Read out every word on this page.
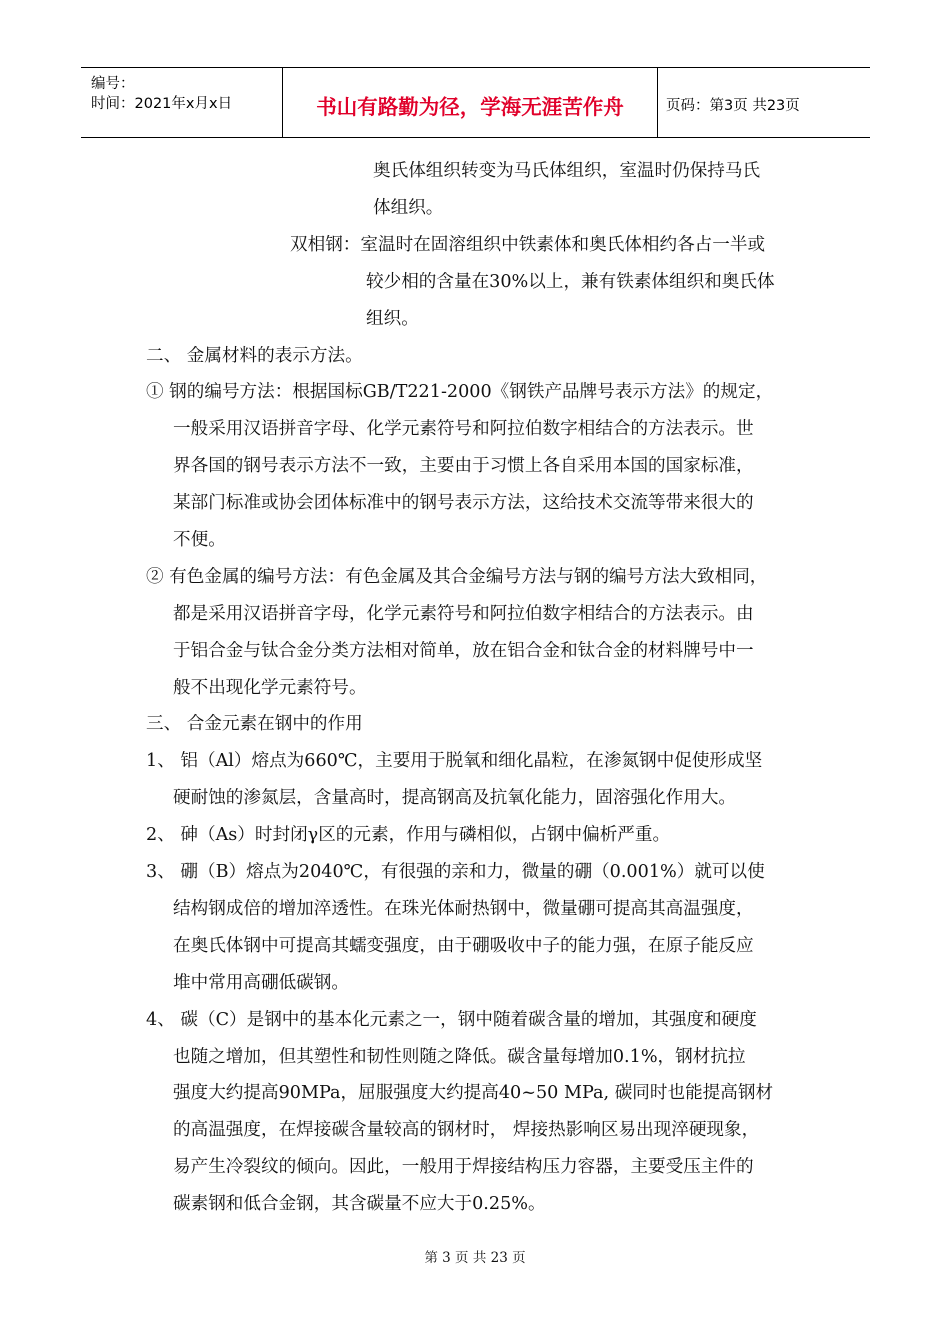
编号：
时间：2021年x月x日	书山有路勤为径，学海无涯苦作舟	页码：第3页 共23页
奥氏体组织转变为马氏体组织，室温时仍保持马氏
体组织。
双相钢：室温时在固溶组织中铁素体和奥氏体相约各占一半或
较少相的含量在30%以上，兼有铁素体组织和奥氏体
组织。
二、 金属材料的表示方法。
① 钢的编号方法：根据国标GB/T221-2000《钢铁产品牌号表示方法》的规定，
一般采用汉语拼音字母、化学元素符号和阿拉伯数字相结合的方法表示。世
界各国的钢号表示方法不一致，主要由于习惯上各自采用本国的国家标准，
某部门标准或协会团体标准中的钢号表示方法，这给技术交流等带来很大的
不便。
② 有色金属的编号方法：有色金属及其合金编号方法与钢的编号方法大致相同，
都是采用汉语拼音字母，化学元素符号和阿拉伯数字相结合的方法表示。由
于铝合金与钛合金分类方法相对简单，放在铝合金和钛合金的材料牌号中一
般不出现化学元素符号。
三、 合金元素在钢中的作用
1、 铝（Al）熔点为660℃，主要用于脱氧和细化晶粒，在渗氮钢中促使形成坚
硬耐蚀的渗氮层，含量高时，提高钢高及抗氧化能力，固溶强化作用大。
2、 砷（As）时封闭γ区的元素，作用与磷相似，占钢中偏析严重。
3、 硼（B）熔点为2040℃，有很强的亲和力，微量的硼（0.001%）就可以使
结构钢成倍的增加淬透性。在珠光体耐热钢中，微量硼可提高其高温强度，
在奥氏体钢中可提高其蠕变强度，由于硼吸收中子的能力强，在原子能反应
堆中常用高硼低碳钢。
4、 碳（C）是钢中的基本化元素之一，钢中随着碳含量的增加，其强度和硬度
也随之增加，但其塑性和韧性则随之降低。碳含量每增加0.1%，钢材抗拉
强度大约提高90MPa，屈服强度大约提高40~50 MPa, 碳同时也能提高钢材
的高温强度，在焊接碳含量较高的钢材时， 焊接热影响区易出现淬硬现象，
易产生冷裂纹的倾向。因此，一般用于焊接结构压力容器，主要受压主件的
碳素钢和低合金钢，其含碳量不应大于0.25%。
第 3 页 共 23 页
